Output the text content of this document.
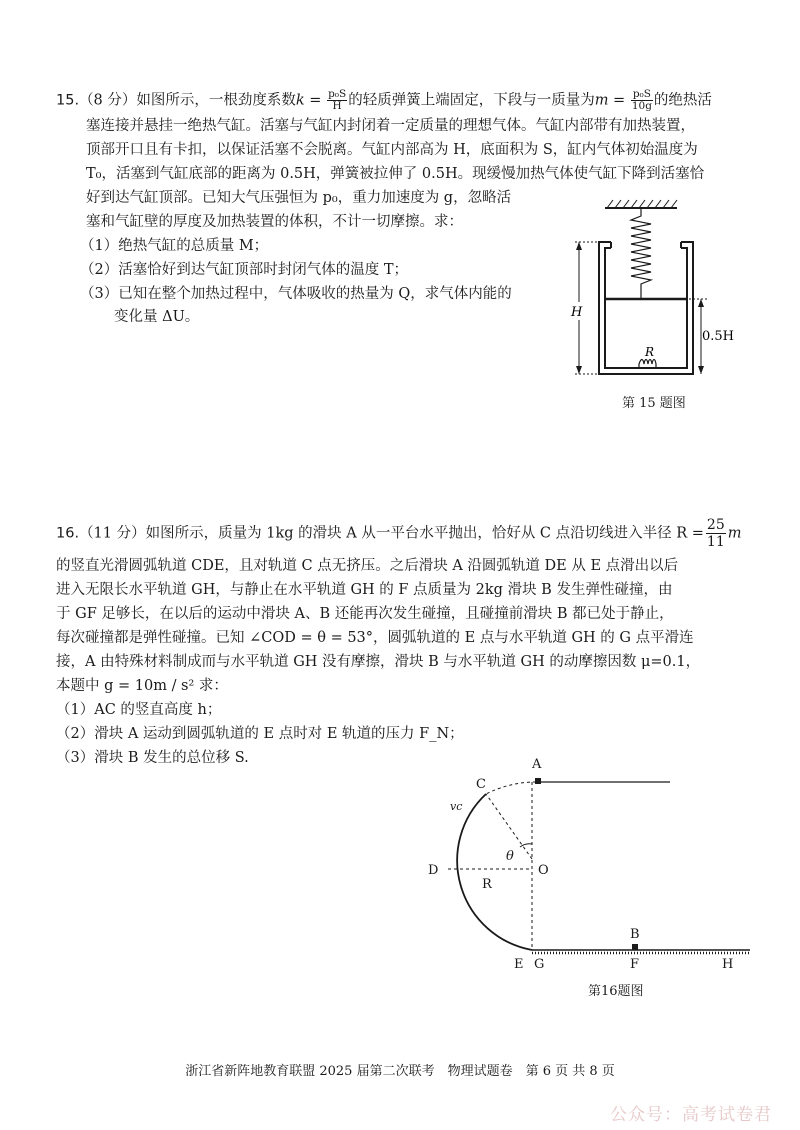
15.（8 分）如图所示，一根劲度系数$k = \frac{\text{p₀S}}{H}$ 的轻质弹簧上端固定，下段与一质量为$m = \frac{\text{p₀S}}{10g}$ 的绝热活
塞连接并悬挂一绝热气缸。活塞与气缸内封闭着一定质量的理想气体。气缸内部带有加热装置，
顶部开口且有卡扣，以保证活塞不会脱离。气缸内部高为 H，底面积为 S，缸内气体初始温度为
T₀，活塞到气缸底部的距离为 0.5H，弹簧被拉伸了 0.5H。现缓慢加热气体使气缸下降到活塞恰
好到达气缸顶部。已知大气压强恒为 p₀，重力加速度为 g，忽略活
塞和气缸壁的厚度及加热装置的体积，不计一切摩擦。求：
（1）绝热气缸的总质量 M；
（2）活塞恰好到达气缸顶部时封闭气体的温度 T；
（3）已知在整个加热过程中，气体吸收的热量为 Q，求气体内能的
变化量 ΔU。
R
H
0.5H
第 15 题图
16.（11 分）如图所示，质量为 1kg 的滑块 A 从一平台水平抛出，恰好从 C 点沿切线进入半径 $R = \frac{25}{11}$ m
的竖直光滑圆弧轨道 CDE，且对轨道 C 点无挤压。之后滑块 A 沿圆弧轨道 DE 从 E 点滑出以后
进入无限长水平轨道 GH，与静止在水平轨道 GH 的 F 点质量为 2kg 滑块 B 发生弹性碰撞，由
于 GF 足够长，在以后的运动中滑块 A、B 还能再次发生碰撞，且碰撞前滑块 B 都已处于静止，
每次碰撞都是弹性碰撞。已知 ∠COD = θ = 53°，圆弧轨道的 E 点与水平轨道 GH 的 G 点平滑连
接，A 由特殊材料制成而与水平轨道 GH 没有摩擦，滑块 B 与水平轨道 GH 的动摩擦因数 μ=0.1，
本题中 g = 10m / s² 求：
（1）AC 的竖直高度 h；
（2）滑块 A 运动到圆弧轨道的 E 点时对 E 轨道的压力 F_N；
（3）滑块 B 发生的总位移 S.	A
C
vc
θ
D	O
R
B
E G	F	H
第16题图
浙江省新阵地教育联盟 2025 届第二次联考　物理试题卷　第 6 页 共 8 页
公众号：高考试卷君
